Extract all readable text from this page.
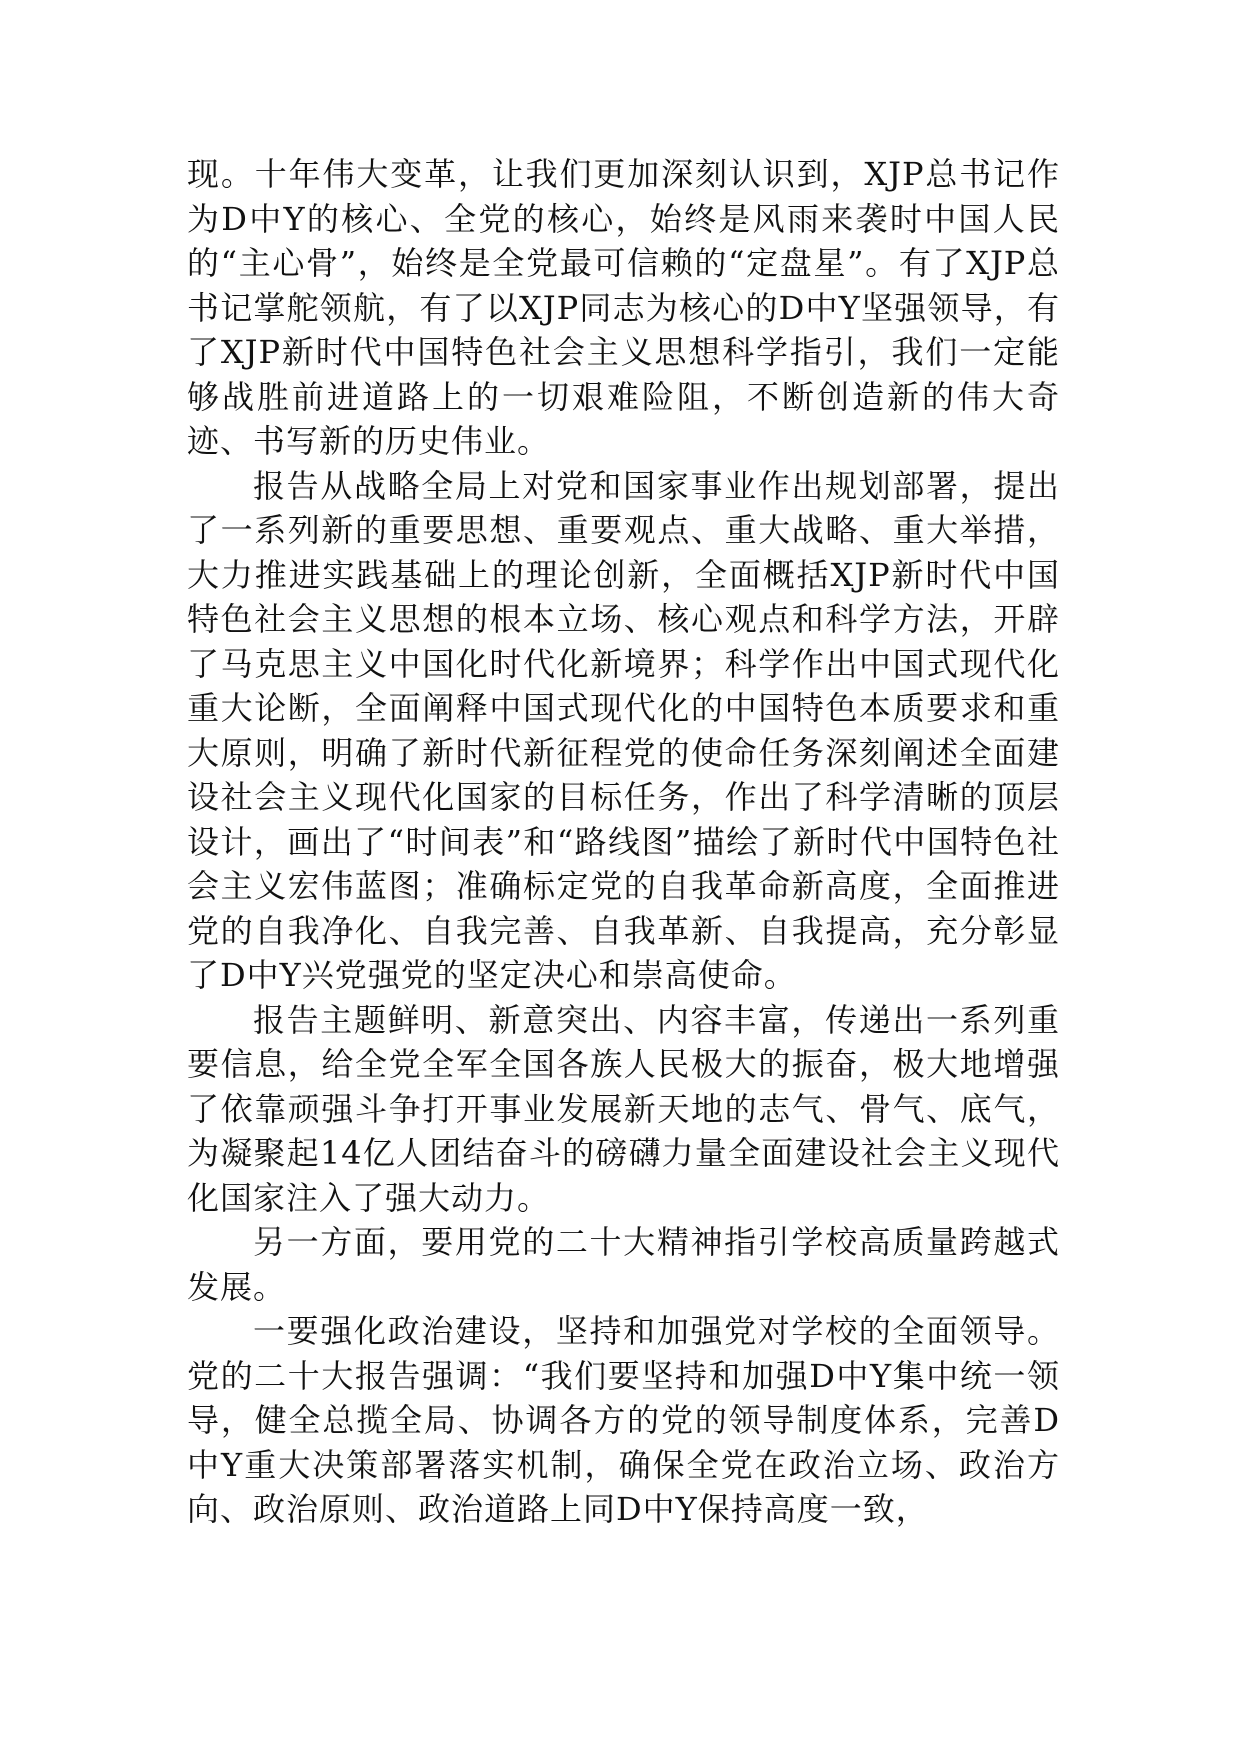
现。十年伟大变革，让我们更加深刻认识到，XJP总书记作为D中Y的核心、全党的核心，始终是风雨来袭时中国人民的“主心骨”，始终是全党最可信赖的“定盘星”。有了XJP总书记掌舵领航，有了以XJP同志为核心的D中Y坚强领导，有了XJP新时代中国特色社会主义思想科学指引，我们一定能够战胜前进道路上的一切艰难险阻，不断创造新的伟大奇迹、书写新的历史伟业。

报告从战略全局上对党和国家事业作出规划部署，提出了一系列新的重要思想、重要观点、重大战略、重大举措，大力推进实践基础上的理论创新，全面概括XJP新时代中国特色社会主义思想的根本立场、核心观点和科学方法，开辟了马克思主义中国化时代化新境界；科学作出中国式现代化重大论断，全面阐释中国式现代化的中国特色本质要求和重大原则，明确了新时代新征程党的使命任务深刻阐述全面建设社会主义现代化国家的目标任务，作出了科学清晰的顶层设计，画出了“时间表”和“路线图”描绘了新时代中国特色社会主义宏伟蓝图；准确标定党的自我革命新高度，全面推进党的自我净化、自我完善、自我革新、自我提高，充分彰显了D中Y兴党强党的坚定决心和崇高使命。

报告主题鲜明、新意突出、内容丰富，传递出一系列重要信息，给全党全军全国各族人民极大的振奋，极大地增强了依靠顽强斗争打开事业发展新天地的志气、骨气、底气，为凝聚起14亿人团结奋斗的磅礴力量全面建设社会主义现代化国家注入了强大动力。

另一方面，要用党的二十大精神指引学校高质量跨越式发展。

一要强化政治建设，坚持和加强党对学校的全面领导。党的二十大报告强调：“我们要坚持和加强D中Y集中统一领导，健全总揽全局、协调各方的党的领导制度体系，完善D中Y重大决策部署落实机制，确保全党在政治立场、政治方向、政治原则、政治道路上同D中Y保持高度一致，
